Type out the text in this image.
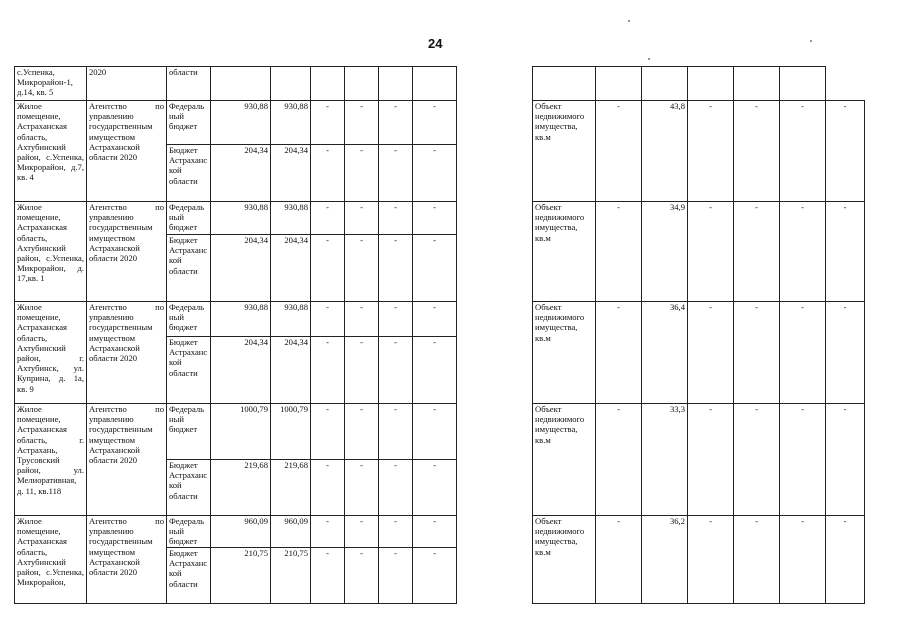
24
с.Успенка, Микрорайон-1, д.14, кв. 5	2020	области														
Жилое помещение, Астраханская область, Ахтубинский район, с.Успенка, Микрорайон, д.7, кв. 4	Агентство по управлению государственным имуществом Астраханской области 2020	Федеральный бюджет	930,88	930,88	-	-	-	-		Объект недвижимого имущества, кв.м	-	43,8	-	-	-	-
		Бюджет Астраханской области	204,34	204,34	-	-	-	-								
Жилое помещение, Астраханская область, Ахтубинский район, с.Успенка, Микрорайон, д. 17,кв. 1	Агентство по управлению государственным имуществом Астраханской области 2020	Федеральный бюджет	930,88	930,88	-	-	-	-		Объект недвижимого имущества, кв.м	-	34,9	-	-	-	-
		Бюджет Астраханской области	204,34	204,34	-	-	-	-								
Жилое помещение, Астраханская область, Ахтубинский район, г. Ахтубинск, ул. Куприна, д. 1а, кв. 9	Агентство по управлению государственным имуществом Астраханской области 2020	Федеральный бюджет	930,88	930,88	-	-	-	-		Объект недвижимого имущества, кв.м	-	36,4	-	-	-	-
		Бюджет Астраханской области	204,34	204,34	-	-	-	-								
Жилое помещение, Астраханская область, г. Астрахань, Трусовский район, ул. Мелиоративная, д. 11, кв.118	Агентство по управлению государственным имуществом Астраханской области 2020	Федеральный бюджет	1000,79	1000,79	-	-	-	-		Объект недвижимого имущества, кв.м	-	33,3	-	-	-	-
		Бюджет Астраханской области	219,68	219,68	-	-	-	-								
Жилое помещение, Астраханская область, Ахтубинский район, с.Успенка, Микрорайон,	Агентство по управлению государственным имуществом Астраханской области 2020	Федеральный бюджет	960,09	960,09	-	-	-	-		Объект недвижимого имущества, кв.м	-	36,2	-	-	-	-
		Бюджет Астраханской области	210,75	210,75	-	-	-	-								
